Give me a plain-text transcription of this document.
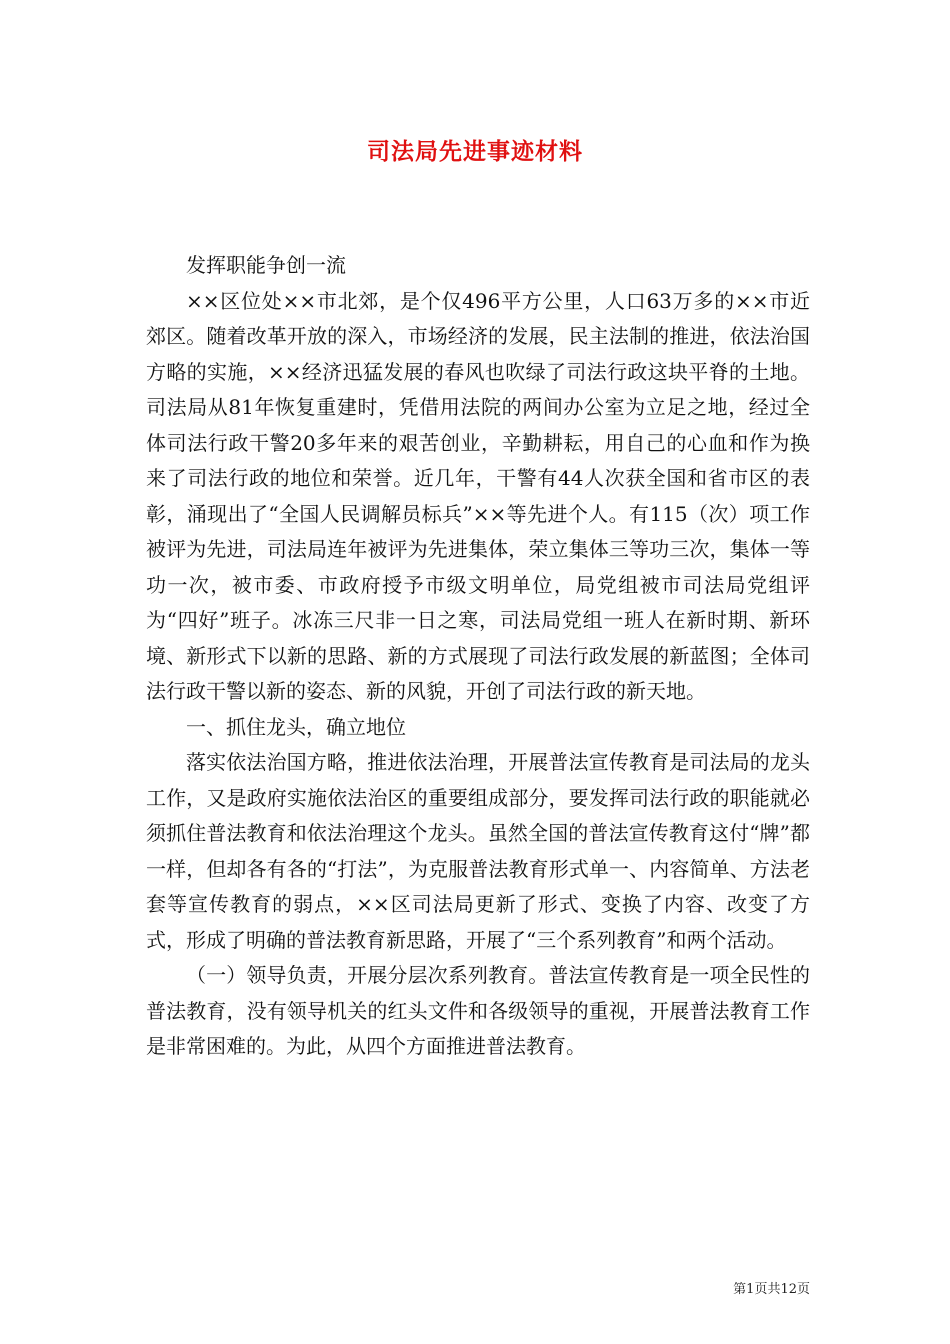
司法局先进事迹材料

发挥职能争创一流

××区位处××市北郊，是个仅496平方公里，人口63万多的××市近郊区。随着改革开放的深入，市场经济的发展，民主法制的推进，依法治国方略的实施，××经济迅猛发展的春风也吹绿了司法行政这块平脊的土地。司法局从81年恢复重建时，凭借用法院的两间办公室为立足之地，经过全体司法行政干警20多年来的艰苦创业，辛勤耕耘，用自己的心血和作为换来了司法行政的地位和荣誉。近几年，干警有44人次获全国和省市区的表彰，涌现出了“全国人民调解员标兵”××等先进个人。有115（次）项工作被评为先进，司法局连年被评为先进集体，荣立集体三等功三次，集体一等功一次，被市委、市政府授予市级文明单位，局党组被市司法局党组评为“四好”班子。冰冻三尺非一日之寒，司法局党组一班人在新时期、新环境、新形式下以新的思路、新的方式展现了司法行政发展的新蓝图；全体司法行政干警以新的姿态、新的风貌，开创了司法行政的新天地。

一、抓住龙头，确立地位

落实依法治国方略，推进依法治理，开展普法宣传教育是司法局的龙头工作，又是政府实施依法治区的重要组成部分，要发挥司法行政的职能就必须抓住普法教育和依法治理这个龙头。虽然全国的普法宣传教育这付“牌”都一样，但却各有各的“打法”，为克服普法教育形式单一、内容简单、方法老套等宣传教育的弱点，××区司法局更新了形式、变换了内容、改变了方式，形成了明确的普法教育新思路，开展了“三个系列教育”和两个活动。

（一）领导负责，开展分层次系列教育。普法宣传教育是一项全民性的普法教育，没有领导机关的红头文件和各级领导的重视，开展普法教育工作是非常困难的。为此，从四个方面推进普法教育。

第1页共12页
